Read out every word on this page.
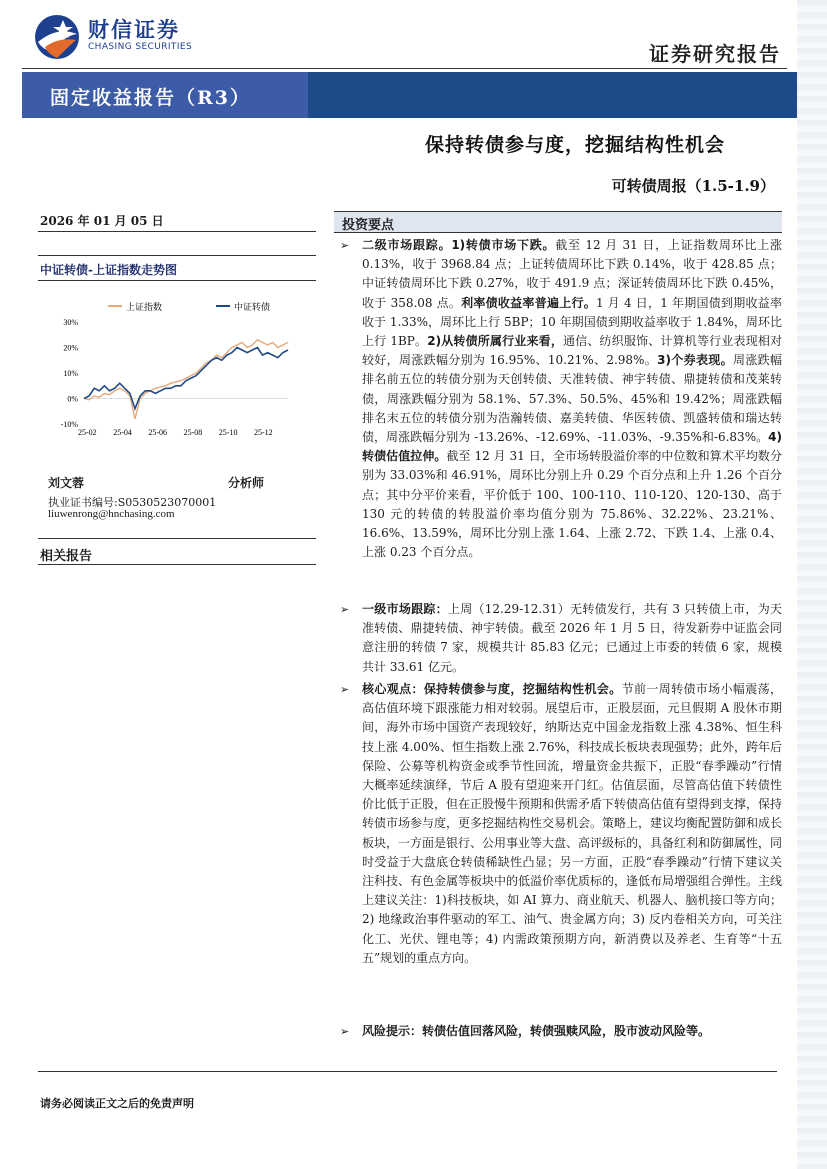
财信证券
CHASING SECURITIES	证券研究报告
固定收益报告（R3）
保持转债参与度，挖掘结构性机会
可转债周报（1.5-1.9）
2026 年 01 月 05 日
中证转债-上证指数走势图
上证指数	中证转债
30%
20%
10%
0%
-10%
25-02 25-04 25-06 25-08 25-10 25-12
刘文蓉	分析师
执业证书编号:S0530523070001
liuwenrong@hnchasing.com
相关报告
投资要点
➢ 二级市场跟踪。1)转债市场下跌。截至 12 月 31 日，上证指数周环比上涨 0.13%，收于 3968.84 点；上证转债周环比下跌 0.14%，收于 428.85 点；中证转债周环比下跌 0.27%，收于 491.9 点；深证转债周环比下跌 0.45%，收于 358.08 点。利率债收益率普遍上行。1 月 4 日，1 年期国债到期收益率收于 1.33%，周环比上行 5BP；10 年期国债到期收益率收于 1.84%，周环比上行 1BP。2)从转债所属行业来看，通信、纺织服饰、计算机等行业表现相对较好，周涨跌幅分别为 16.95%、10.21%、2.98%。3)个券表现。周涨跌幅排名前五位的转债分别为天创转债、天准转债、神宇转债、鼎捷转债和茂莱转债，周涨跌幅分别为 58.1%、57.3%、50.5%、45%和 19.42%；周涨跌幅排名末五位的转债分别为浩瀚转债、嘉美转债、华医转债、凯盛转债和瑞达转债，周涨跌幅分别为 -13.26%、-12.69%、-11.03%、-9.35%和-6.83%。4) 转债估值拉伸。截至 12 月 31 日，全市场转股溢价率的中位数和算术平均数分别为 33.03%和 46.91%，周环比分别上升 0.29 个百分点和上升 1.26 个百分点；其中分平价来看，平价低于 100、100-110、110-120、120-130、高于 130 元的转债的转股溢价率均值分别为 75.86%、32.22%、23.21%、16.6%、13.59%，周环比分别上涨 1.64、上涨 2.72、下跌 1.4、上涨 0.4、上涨 0.23 个百分点。
➢ 一级市场跟踪：上周（12.29-12.31）无转债发行，共有 3 只转债上市，为天准转债、鼎捷转债、神宇转债。截至 2026 年 1 月 5 日，待发新券中证监会同意注册的转债 7 家，规模共计 85.83 亿元；已通过上市委的转债 6 家，规模共计 33.61 亿元。
➢ 核心观点：保持转债参与度，挖掘结构性机会。节前一周转债市场小幅震荡，高估值环境下跟涨能力相对较弱。展望后市，正股层面，元旦假期 A 股休市期间，海外市场中国资产表现较好，纳斯达克中国金龙指数上涨 4.38%、恒生科技上涨 4.00%、恒生指数上涨 2.76%，科技成长板块表现强势；此外，跨年后保险、公募等机构资金或季节性回流，增量资金共振下，正股“春季躁动”行情大概率延续演绎，节后 A 股有望迎来开门红。估值层面，尽管高估值下转债性价比低于正股，但在正股慢牛预期和供需矛盾下转债高估值有望得到支撑，保持转债市场参与度，更多挖掘结构性交易机会。策略上，建议均衡配置防御和成长板块，一方面是银行、公用事业等大盘、高评级标的，具备红利和防御属性，同时受益于大盘底仓转债稀缺性凸显；另一方面，正股“春季躁动”行情下建议关注科技、有色金属等板块中的低溢价率优质标的，逢低布局增强组合弹性。主线上建议关注：1)科技板块，如 AI 算力、商业航天、机器人、脑机接口等方向；2) 地缘政治事件驱动的军工、油气、贵金属方向；3) 反内卷相关方向，可关注化工、光伏、锂电等；4) 内需政策预期方向，新消费以及养老、生育等“十五五”规划的重点方向。
➢ 风险提示：转债估值回落风险，转债强赎风险，股市波动风险等。
请务必阅读正文之后的免责声明
